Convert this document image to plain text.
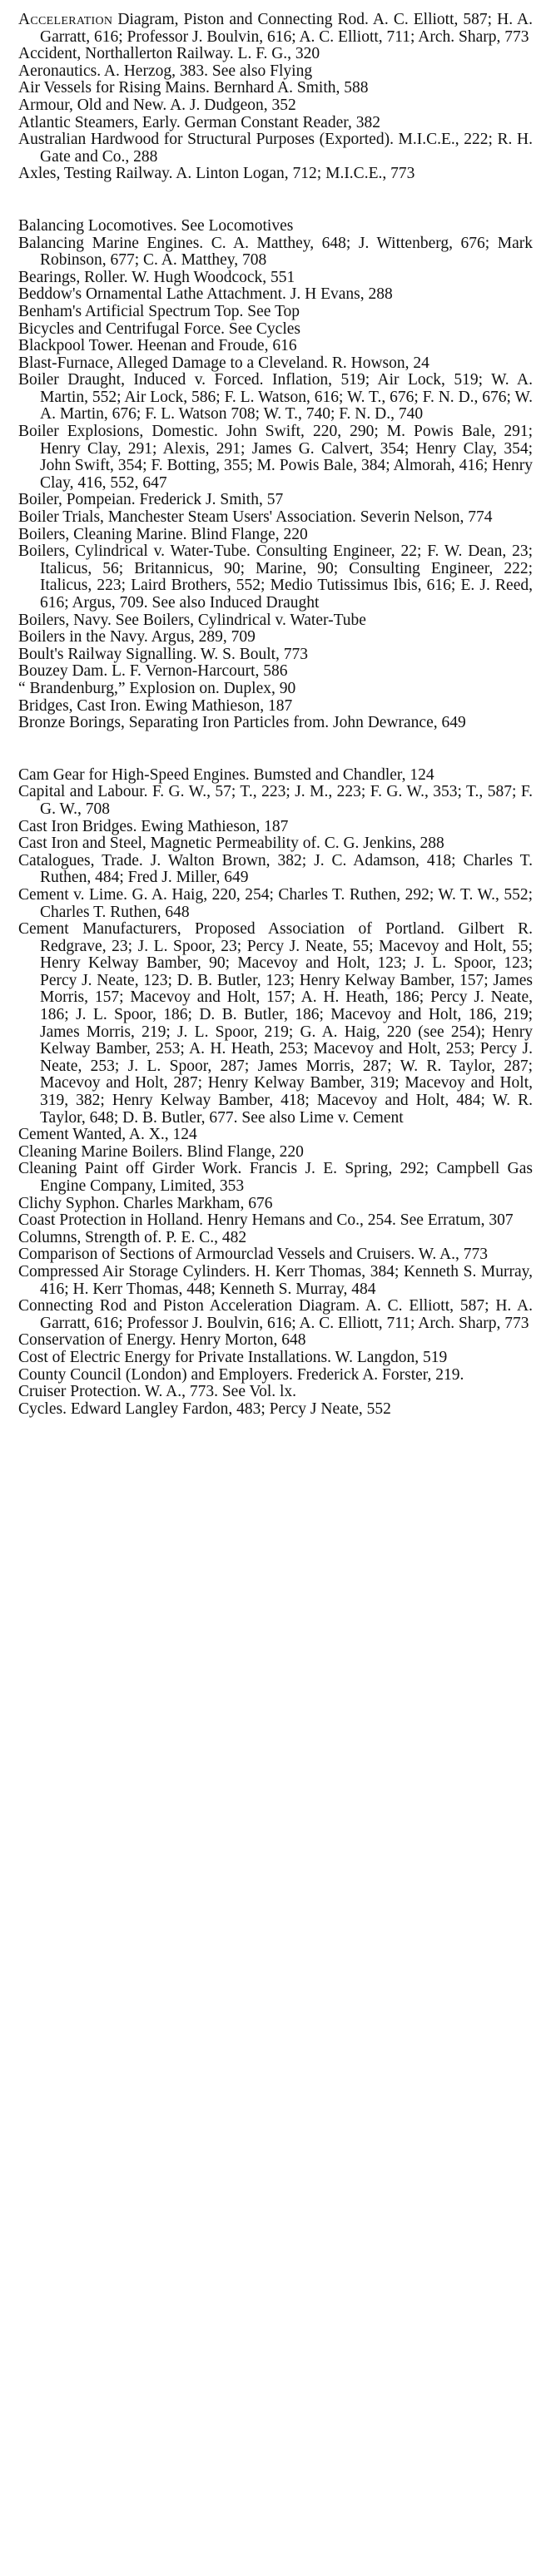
Acceleration Diagram, Piston and Connecting Rod. A. C. Elliott, 587; H. A. Garratt, 616; Professor J. Boulvin, 616; A. C. Elliott, 711; Arch. Sharp, 773

Accident, Northallerton Railway. L. F. G., 320

Aeronautics. A. Herzog, 383. See also Flying

Air Vessels for Rising Mains. Bernhard A. Smith, 588

Armour, Old and New. A. J. Dudgeon, 352

Atlantic Steamers, Early. German Constant Reader, 382

Australian Hardwood for Structural Purposes (Exported). M.I.C.E., 222; R. H. Gate and Co., 288

Axles, Testing Railway. A. Linton Logan, 712; M.I.C.E., 773

Balancing Locomotives. See Locomotives

Balancing Marine Engines. C. A. Matthey, 648; J. Wittenberg, 676; Mark Robinson, 677; C. A. Matthey, 708

Bearings, Roller. W. Hugh Woodcock, 551

Beddow's Ornamental Lathe Attachment. J. H Evans, 288

Benham's Artificial Spectrum Top. See Top

Bicycles and Centrifugal Force. See Cycles

Blackpool Tower. Heenan and Froude, 616

Blast-Furnace, Alleged Damage to a Cleveland. R. Howson, 24

Boiler Draught, Induced v. Forced. Inflation, 519; Air Lock, 519; W. A. Martin, 552; Air Lock, 586; F. L. Watson, 616; W. T., 676; F. N. D., 676; W. A. Martin, 676; F. L. Watson 708; W. T., 740; F. N. D., 740

Boiler Explosions, Domestic. John Swift, 220, 290; M. Powis Bale, 291; Henry Clay, 291; Alexis, 291; James G. Calvert, 354; Henry Clay, 354; John Swift, 354; F. Botting, 355; M. Powis Bale, 384; Almorah, 416; Henry Clay, 416, 552, 647

Boiler, Pompeian. Frederick J. Smith, 57

Boiler Trials, Manchester Steam Users' Association. Severin Nelson, 774

Boilers, Cleaning Marine. Blind Flange, 220

Boilers, Cylindrical v. Water-Tube. Consulting Engineer, 22; F. W. Dean, 23; Italicus, 56; Britannicus, 90; Marine, 90; Consulting Engineer, 222; Italicus, 223; Laird Brothers, 552; Medio Tutissimus Ibis, 616; E. J. Reed, 616; Argus, 709. See also Induced Draught

Boilers, Navy. See Boilers, Cylindrical v. Water-Tube

Boilers in the Navy. Argus, 289, 709

Boult's Railway Signalling. W. S. Boult, 773

Bouzey Dam. L. F. Vernon-Harcourt, 586

“ Brandenburg,” Explosion on. Duplex, 90

Bridges, Cast Iron. Ewing Mathieson, 187

Bronze Borings, Separating Iron Particles from. John Dewrance, 649

Cam Gear for High-Speed Engines. Bumsted and Chandler, 124

Capital and Labour. F. G. W., 57; T., 223; J. M., 223; F. G. W., 353; T., 587; F. G. W., 708

Cast Iron Bridges. Ewing Mathieson, 187

Cast Iron and Steel, Magnetic Permeability of. C. G. Jenkins, 288

Catalogues, Trade. J. Walton Brown, 382; J. C. Adamson, 418; Charles T. Ruthen, 484; Fred J. Miller, 649

Cement v. Lime. G. A. Haig, 220, 254; Charles T. Ruthen, 292; W. T. W., 552; Charles T. Ruthen, 648

Cement Manufacturers, Proposed Association of Portland. Gilbert R. Redgrave, 23; J. L. Spoor, 23; Percy J. Neate, 55; Macevoy and Holt, 55; Henry Kelway Bamber, 90; Macevoy and Holt, 123; J. L. Spoor, 123; Percy J. Neate, 123; D. B. Butler, 123; Henry Kelway Bamber, 157; James Morris, 157; Macevoy and Holt, 157; A. H. Heath, 186; Percy J. Neate, 186; J. L. Spoor, 186; D. B. Butler, 186; Macevoy and Holt, 186, 219; James Morris, 219; J. L. Spoor, 219; G. A. Haig, 220 (see 254); Henry Kelway Bamber, 253; A. H. Heath, 253; Macevoy and Holt, 253; Percy J. Neate, 253; J. L. Spoor, 287; James Morris, 287; W. R. Taylor, 287; Macevoy and Holt, 287; Henry Kelway Bamber, 319; Macevoy and Holt, 319, 382; Henry Kelway Bamber, 418; Macevoy and Holt, 484; W. R. Taylor, 648; D. B. Butler, 677. See also Lime v. Cement

Cement Wanted, A. X., 124

Cleaning Marine Boilers. Blind Flange, 220

Cleaning Paint off Girder Work. Francis J. E. Spring, 292; Campbell Gas Engine Company, Limited, 353

Clichy Syphon. Charles Markham, 676

Coast Protection in Holland. Henry Hemans and Co., 254. See Erratum, 307

Columns, Strength of. P. E. C., 482

Comparison of Sections of Armourclad Vessels and Cruisers. W. A., 773

Compressed Air Storage Cylinders. H. Kerr Thomas, 384; Kenneth S. Murray, 416; H. Kerr Thomas, 448; Kenneth S. Murray, 484

Connecting Rod and Piston Acceleration Diagram. A. C. Elliott, 587; H. A. Garratt, 616; Professor J. Boulvin, 616; A. C. Elliott, 711; Arch. Sharp, 773

Conservation of Energy. Henry Morton, 648

Cost of Electric Energy for Private Installations. W. Langdon, 519

County Council (London) and Employers. Frederick A. Forster, 219.

Cruiser Protection. W. A., 773. See Vol. lx.

Cycles. Edward Langley Fardon, 483; Percy J Neate, 552
